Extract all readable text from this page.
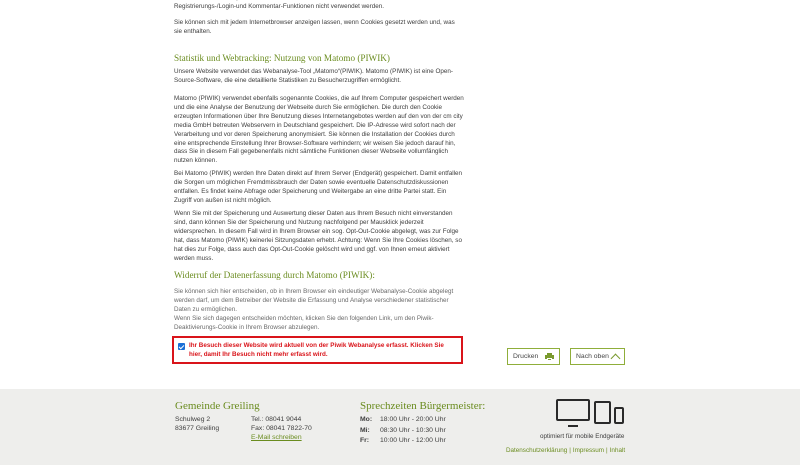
Registrierungs-/Login-und Kommentar-Funktionen nicht verwendet werden.

Sie können sich mit jedem Internetbrowser anzeigen lassen, wenn Cookies gesetzt werden und, was sie enthalten.

Statistik und Webtracking: Nutzung von Matomo (PIWIK)

Unsere Website verwendet das Webanalyse-Tool „Matomo“(PIWIK). Matomo (PIWIK) ist eine Open-Source-Software, die eine detaillierte Statistiken zu Besucherzugriffen ermöglicht.

Matomo (PIWIK) verwendet ebenfalls sogenannte Cookies, die auf Ihrem Computer gespeichert werden und die eine Analyse der Benutzung der Webseite durch Sie ermöglichen. Die durch den Cookie erzeugten Informationen über Ihre Benutzung dieses Internetangebotes werden auf den von der cm city media GmbH betreuten Webservern in Deutschland gespeichert. Die IP-Adresse wird sofort nach der Verarbeitung und vor deren Speicherung anonymisiert. Sie können die Installation der Cookies durch eine entsprechende Einstellung Ihrer Browser-Software verhindern; wir weisen Sie jedoch darauf hin, dass Sie in diesem Fall gegebenenfalls nicht sämtliche Funktionen dieser Webseite vollumfänglich nutzen können.

Bei Matomo (PIWIK) werden Ihre Daten direkt auf Ihrem Server (Endgerät) gespeichert. Damit entfallen die Sorgen um möglichen Fremdmissbrauch der Daten sowie eventuelle Datenschutzdiskussionen entfallen. Es findet keine Abfrage oder Speicherung und Weitergabe an eine dritte Partei statt. Ein Zugriff von außen ist nicht möglich.

Wenn Sie mit der Speicherung und Auswertung dieser Daten aus Ihrem Besuch nicht einverstanden sind, dann können Sie der Speicherung und Nutzung nachfolgend per Mausklick jederzeit widersprechen. In diesem Fall wird in Ihrem Browser ein sog. Opt-Out-Cookie abgelegt, was zur Folge hat, dass Matomo (PIWIK) keinerlei Sitzungsdaten erhebt. Achtung: Wenn Sie Ihre Cookies löschen, so hat dies zur Folge, dass auch das Opt-Out-Cookie gelöscht wird und ggf. von Ihnen erneut aktiviert werden muss.

Widerruf der Datenerfassung durch Matomo (PIWIK):
Sie können sich hier entscheiden, ob in Ihrem Browser ein eindeutiger Webanalyse-Cookie abgelegt werden darf, um dem Betreiber der Website die Erfassung und Analyse verschiedener statistischer Daten zu ermöglichen.
Wenn Sie sich dagegen entscheiden möchten, klicken Sie den folgenden Link, um den Piwik-Deaktivierungs-Cookie in Ihrem Browser abzulegen.
Ihr Besuch dieser Website wird aktuell von der Piwik Webanalyse erfasst. Klicken Sie hier, damit Ihr Besuch nicht mehr erfasst wird.	Drucken	Nach oben
Gemeinde Greiling
Schulweg 2
83677 Greiling
Tel.: 08041 9044
Fax: 08041 7822-70
E-Mail schreiben
Sprechzeiten Bürgermeister:
Mo:	18:00 Uhr - 20:00 Uhr
Mi:	08:30 Uhr - 10:30 Uhr
Fr:	10:00 Uhr - 12:00 Uhr
optimiert für mobile Endgeräte
Datenschutzerklärung | Impressum | Inhalt
